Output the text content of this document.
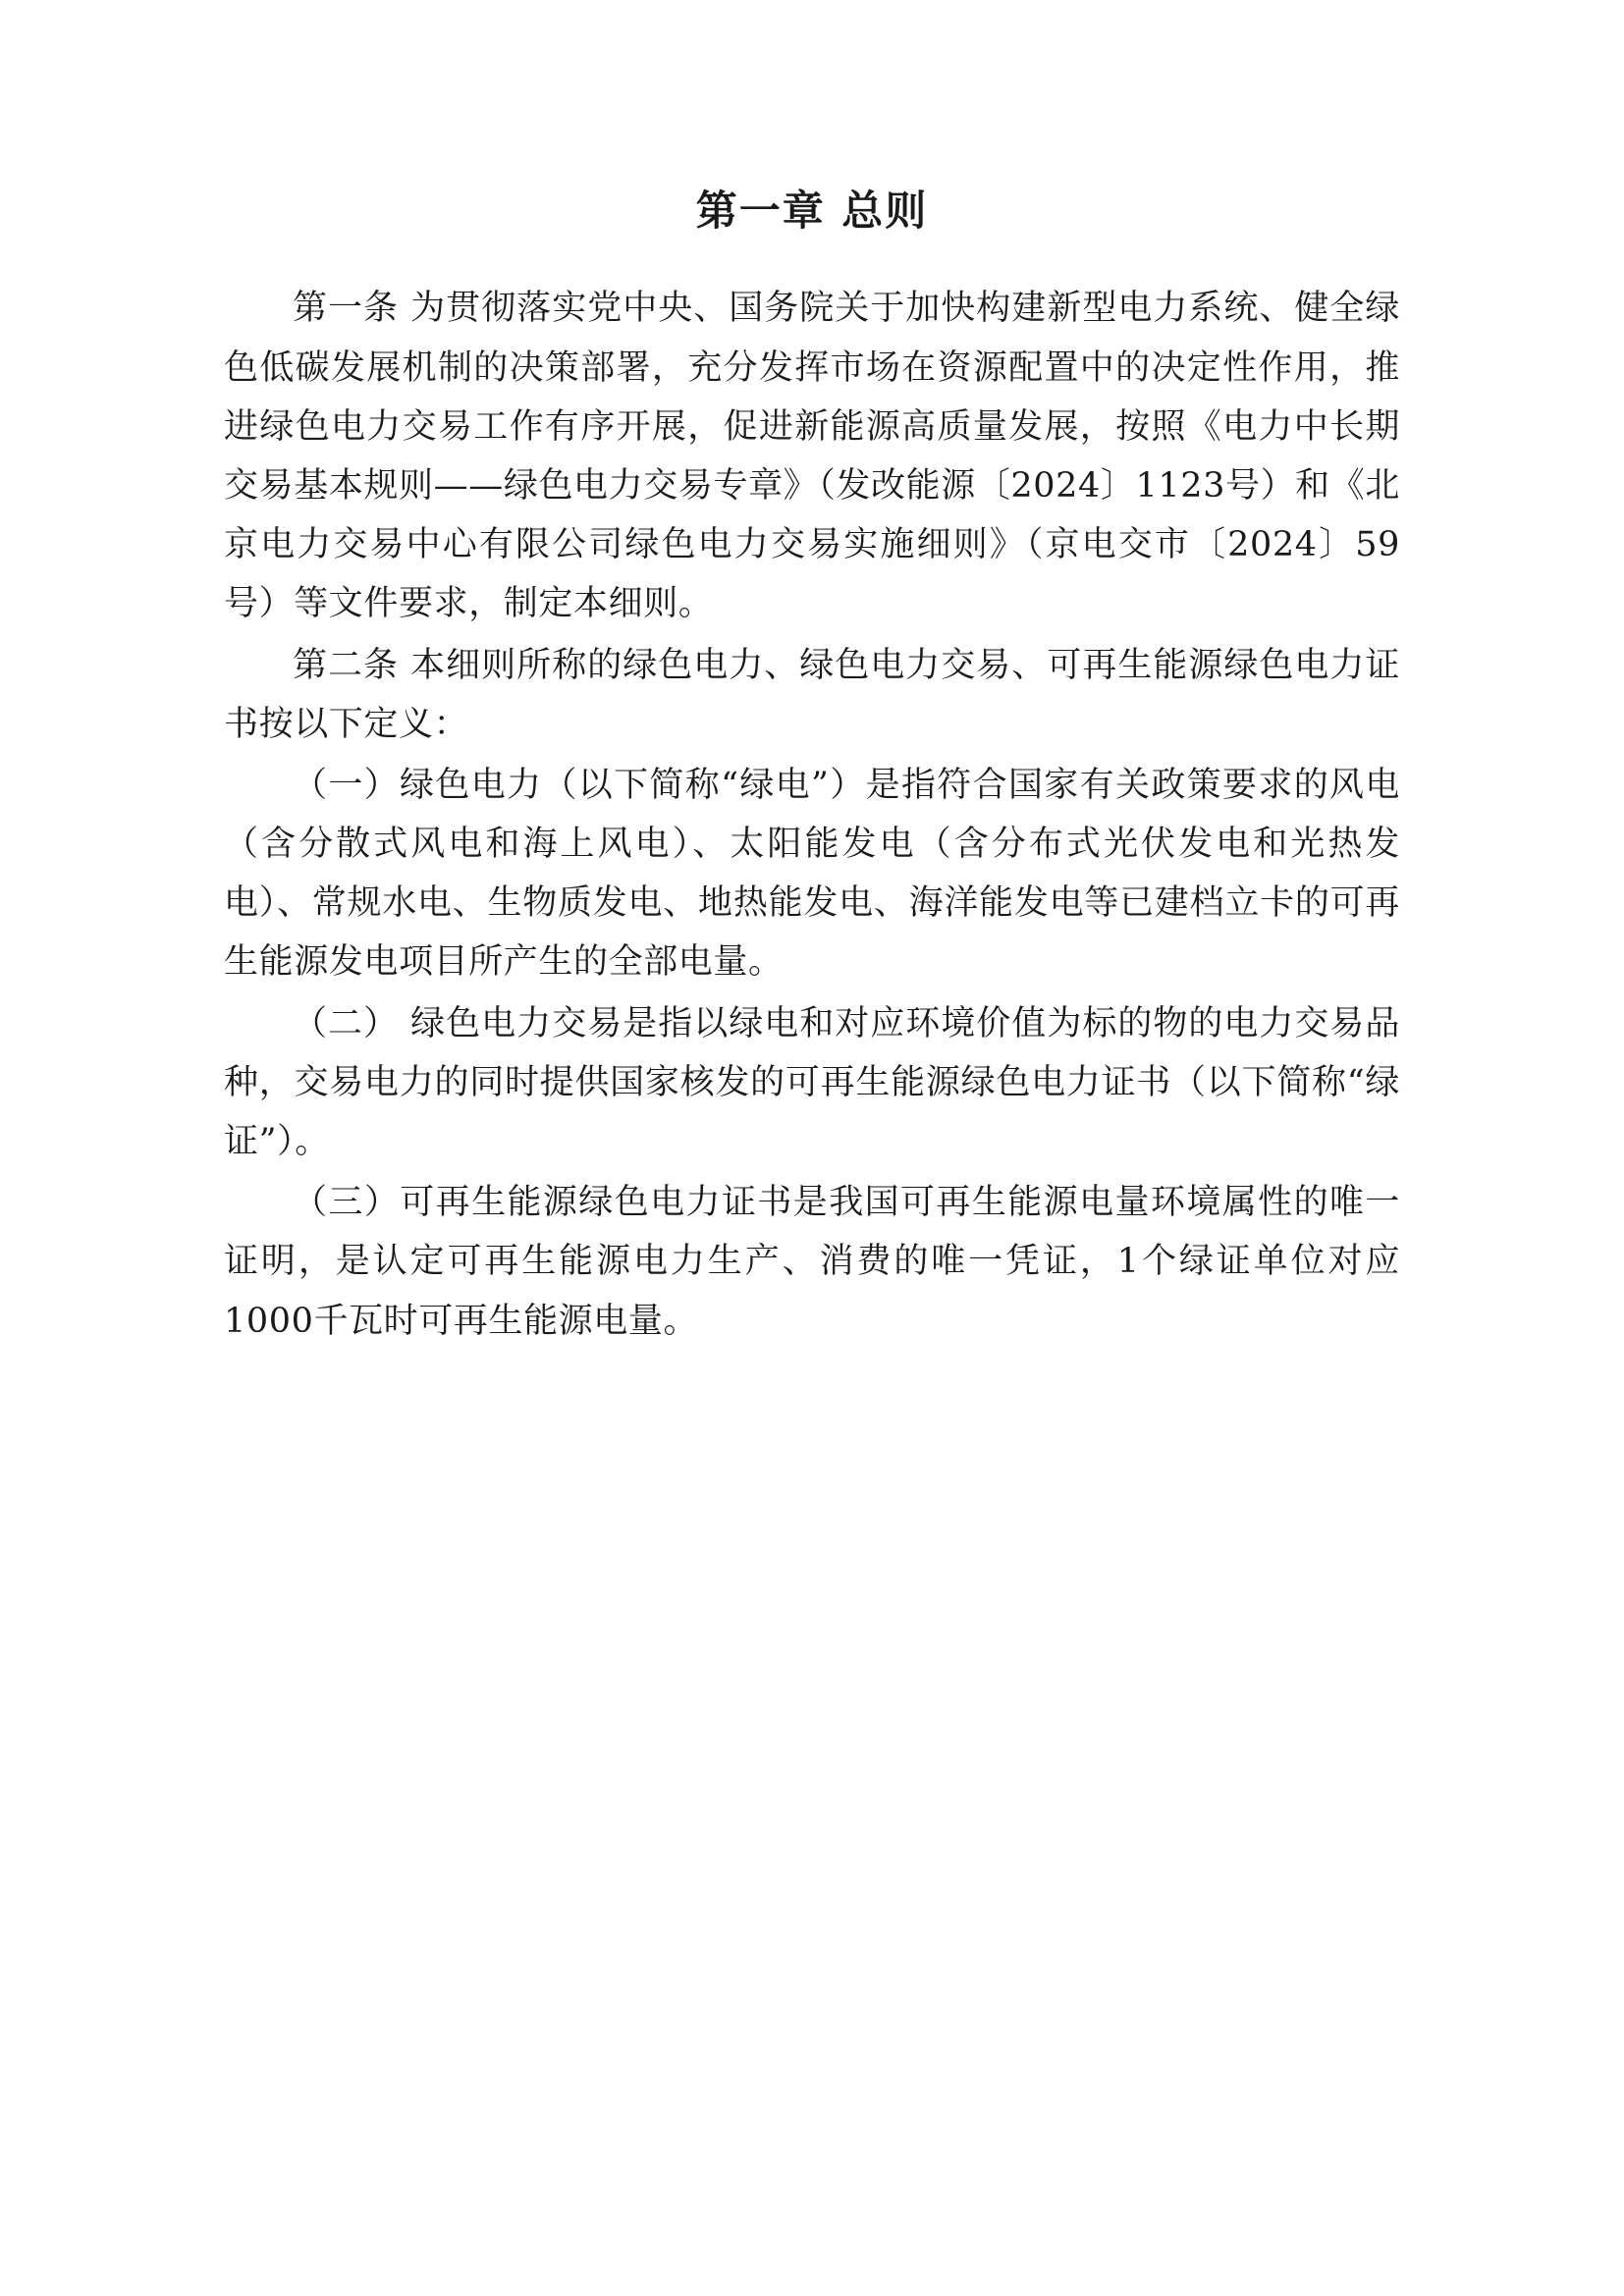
第一章 总则

第一条 为贯彻落实党中央、国务院关于加快构建新型电力系统、健全绿色低碳发展机制的决策部署，充分发挥市场在资源配置中的决定性作用，推进绿色电力交易工作有序开展，促进新能源高质量发展，按照《电力中长期交易基本规则——绿色电力交易专章》（发改能源〔2024〕1123号）和《北京电力交易中心有限公司绿色电力交易实施细则》（京电交市〔2024〕59号）等文件要求，制定本细则。

第二条 本细则所称的绿色电力、绿色电力交易、可再生能源绿色电力证书按以下定义：

（一）绿色电力（以下简称“绿电”）是指符合国家有关政策要求的风电（含分散式风电和海上风电）、太阳能发电（含分布式光伏发电和光热发电）、常规水电、生物质发电、地热能发电、海洋能发电等已建档立卡的可再生能源发电项目所产生的全部电量。

（二） 绿色电力交易是指以绿电和对应环境价值为标的物的电力交易品种，交易电力的同时提供国家核发的可再生能源绿色电力证书（以下简称“绿证”）。

（三）可再生能源绿色电力证书是我国可再生能源电量环境属性的唯一证明，是认定可再生能源电力生产、消费的唯一凭证，1个绿证单位对应1000千瓦时可再生能源电量。
